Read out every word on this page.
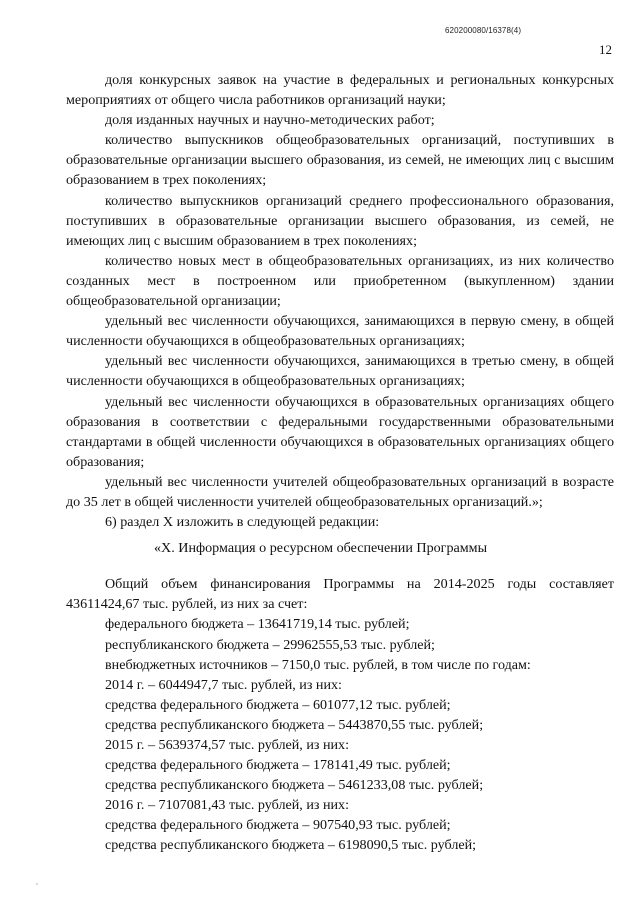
620200080/16378(4)
12

доля конкурсных заявок на участие в федеральных и региональных конкурсных мероприятиях от общего числа работников организаций науки;

доля изданных научных и научно-методических работ;

количество выпускников общеобразовательных организаций, поступивших в образовательные организации высшего образования, из семей, не имеющих лиц с высшим образованием в трех поколениях;

количество выпускников организаций среднего профессионального образования, поступивших в образовательные организации высшего образования, из семей, не имеющих лиц с высшим образованием в трех поколениях;

количество новых мест в общеобразовательных организациях, из них количество созданных мест в построенном или приобретенном (выкупленном) здании общеобразовательной организации;

удельный вес численности обучающихся, занимающихся в первую смену, в общей численности обучающихся в общеобразовательных организациях;

удельный вес численности обучающихся, занимающихся в третью смену, в общей численности обучающихся в общеобразовательных организациях;

удельный вес численности обучающихся в образовательных организациях общего образования в соответствии с федеральными государственными образовательными стандартами в общей численности обучающихся в образовательных организациях общего образования;

удельный вес численности учителей общеобразовательных организаций в возрасте до 35 лет в общей численности учителей общеобразовательных организаций.»;

6) раздел X изложить в следующей редакции:

«X. Информация о ресурсном обеспечении Программы

Общий объем финансирования Программы на 2014-2025 годы составляет 43611424,67 тыс. рублей, из них за счет:

федерального бюджета – 13641719,14 тыс. рублей;

республиканского бюджета – 29962555,53 тыс. рублей;

внебюджетных источников – 7150,0 тыс. рублей, в том числе по годам:

2014 г. – 6044947,7 тыс. рублей, из них:

средства федерального бюджета – 601077,12 тыс. рублей;

средства республиканского бюджета – 5443870,55 тыс. рублей;

2015 г. – 5639374,57 тыс. рублей, из них:

средства федерального бюджета – 178141,49 тыс. рублей;

средства республиканского бюджета – 5461233,08 тыс. рублей;

2016 г. – 7107081,43 тыс. рублей, из них:

средства федерального бюджета – 907540,93 тыс. рублей;

средства республиканского бюджета – 6198090,5 тыс. рублей;
